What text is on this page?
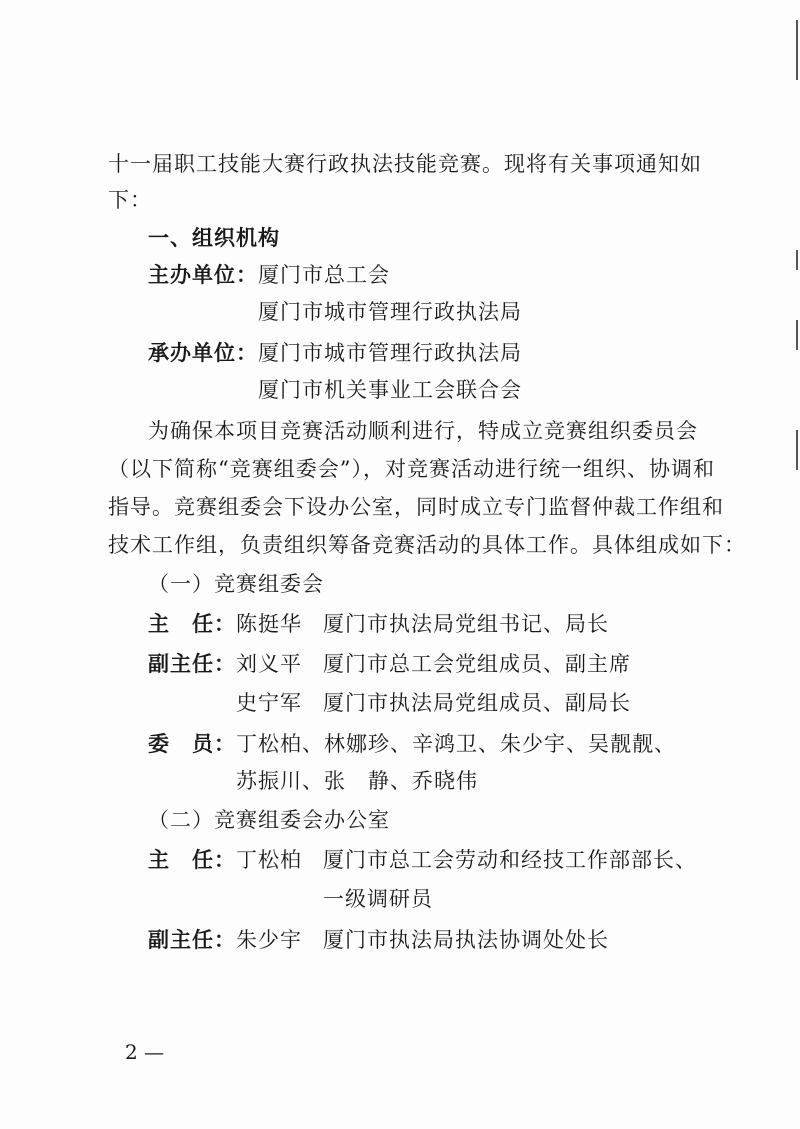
十一届职工技能大赛行政执法技能竞赛。现将有关事项通知如
下：
一、组织机构
主办单位： 厦门市总工会
厦门市城市管理行政执法局
承办单位： 厦门市城市管理行政执法局
厦门市机关事业工会联合会
为确保本项目竞赛活动顺利进行，特成立竞赛组织委员会
（以下简称“竞赛组委会”），对竞赛活动进行统一组织、协调和
指导。竞赛组委会下设办公室，同时成立专门监督仲裁工作组和
技术工作组，负责组织筹备竞赛活动的具体工作。具体组成如下：
（一）竞赛组委会
主　任： 陈挺华 厦门市执法局党组书记、局长
副主任： 刘义平 厦门市总工会党组成员、副主席
史宁军 厦门市执法局党组成员、副局长
委　员： 丁松柏、林娜珍、辛鸿卫、朱少宇、吴靓靓、
苏振川、张　静、乔晓伟
（二）竞赛组委会办公室
主　任： 丁松柏 厦门市总工会劳动和经技工作部部长、
一级调研员
副主任： 朱少宇 厦门市执法局执法协调处处长
2 —
